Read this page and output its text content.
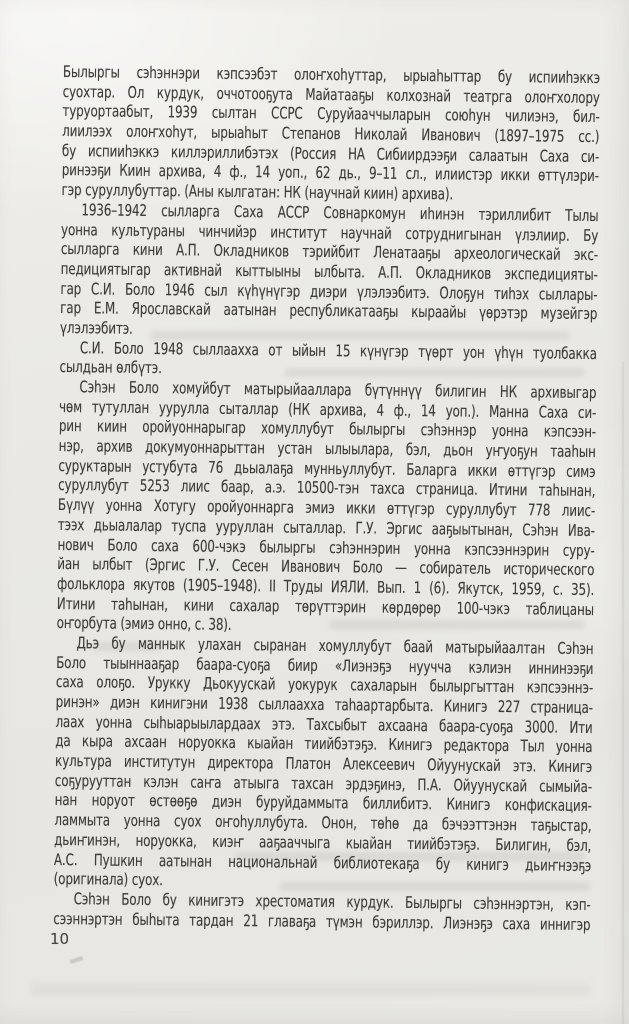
Былыргы сэһэннэри кэпсээбэт олоҥхоһуттар, ырыаһыттар бу испииһэккэ
суохтар. Ол курдук, оччотооҕута Майатааҕы колхознай театрга олоҥхолору
туруортаабыт, 1939 сылтан ССРС Суруйааччыларын союһун чилиэнэ, бил-
лиилээх олоҥхоһут, ырыаһыт Степанов Николай Иванович (1897–1975 сс.)
бу испииһэккэ киллэриллибэтэх (Россия НА Сибиирдээҕи салаатын Саха си-
ринээҕи Киин архива, 4 ф., 14 уоп., 62 дь., 9–11 сл., илиистэр икки өттүлэри-
гэр суруллубуттар. (Аны кылгатан: НК (научнай киин) архива).
1936–1942 сылларга Саха АССР Совнаркомун иһинэн тэриллибит Тылы
уонна культураны чинчийэр институт научнай сотруднигынан үлэлиир. Бу
сылларга кини А.П. Окладников тэрийбит Ленатааҕы археологическай экс-
педициятыгар активнай кыттыыны ылбыта. А.П. Окладников экспедицияты-
гар С.И. Боло 1946 сыл күһүнүгэр диэри үлэлээбитэ. Олоҕун тиһэх сыллары-
гар Е.М. Ярославскай аатынан республикатааҕы кыраайы үөрэтэр музейгэр
үлэлээбитэ.
С.И. Боло 1948 сыллаахха от ыйын 15 күнүгэр түөрт уон үһүн туолбакка
сылдьан өлбүтэ.
Сэһэн Боло хомуйбут матырыйааллара бүтүннүү билигин НК архивыгар
чөм тутуллан уурулла сыталлар (НК архива, 4 ф., 14 уоп.). Манна Саха си-
рин киин оройуоннарыгар хомуллубут былыргы сэһэннэр уонна кэпсээн-
нэр, архив докумуоннарыттан устан ылыылара, бэл, дьон уҥуоҕун тааһын
суруктарын устубута 76 дьыалаҕа мунньуллубут. Баларга икки өттүгэр симэ
суруллубут 5253 лиис баар, а.э. 10500-тэн тахса страница. Итини таһынан,
Бүлүү уонна Хотугу оройуоннарга эмиэ икки өттүгэр суруллубут 778 лиис-
тээх дьыалалар туспа ууруллан сыталлар. Г.У. Эргис ааҕыытынан, Сэһэн Ива-
нович Боло саха 600-чэкэ былыргы сэһэннэрин уонна кэпсээннэрин суру-
йан ылбыт (Эргис Г.У. Сесен Иванович Боло — собиратель исторического
фольклора якутов (1905–1948). II Труды ИЯЛИ. Вып. 1 (6). Якутск, 1959, с. 35).
Итини таһынан, кини сахалар төрүттэрин көрдөрөр 100-чэкэ таблицаны
оҥорбута (эмиэ онно, с. 38).
Дьэ бу маннык улахан сыранан хомуллубут баай матырыйаалтан Сэһэн
Боло тыыннааҕар баара-суоҕа биир «Лиэнэҕэ нуучча кэлиэн иннинээҕи
саха олоҕо. Урукку Дьокуускай уокурук сахаларын былыргыттан кэпсээннэ-
ринэн» диэн кинигэни 1938 сыллаахха таһаартарбыта. Кинигэ 227 страница-
лаах уонна сыһыарыылардаах этэ. Тахсыбыт ахсаана баара-суоҕа 3000. Ити
да кыра ахсаан норуокка кыайан тиийбэтэҕэ. Кинигэ редактора Тыл уонна
культура институтун директора Платон Алексеевич Ойуунускай этэ. Кинигэ
соҕурууттан кэлэн саҥа атыыга тахсан эрдэҕинэ, П.А. Ойуунускай сымыйа-
нан норуот өстөөҕө диэн буруйдаммыта биллибитэ. Кинигэ конфискация-
ламмыта уонна суох оҥоһуллубута. Онон, төһө да бэчээттэнэн таҕыстар,
дьиҥинэн, норуокка, киэҥ ааҕааччыга кыайан тиийбэтэҕэ. Билигин, бэл,
А.С. Пушкин аатынан национальнай библиотекаҕа бу кинигэ дьиҥнээҕэ
(оригинала) суох.
Сэһэн Боло бу кинигэтэ хрестоматия курдук. Былыргы сэһэннэртэн, кэп-
сээннэртэн быһыта тардан 21 главаҕа түмэн бэриллэр. Лиэнэҕэ саха иннигэр
10
